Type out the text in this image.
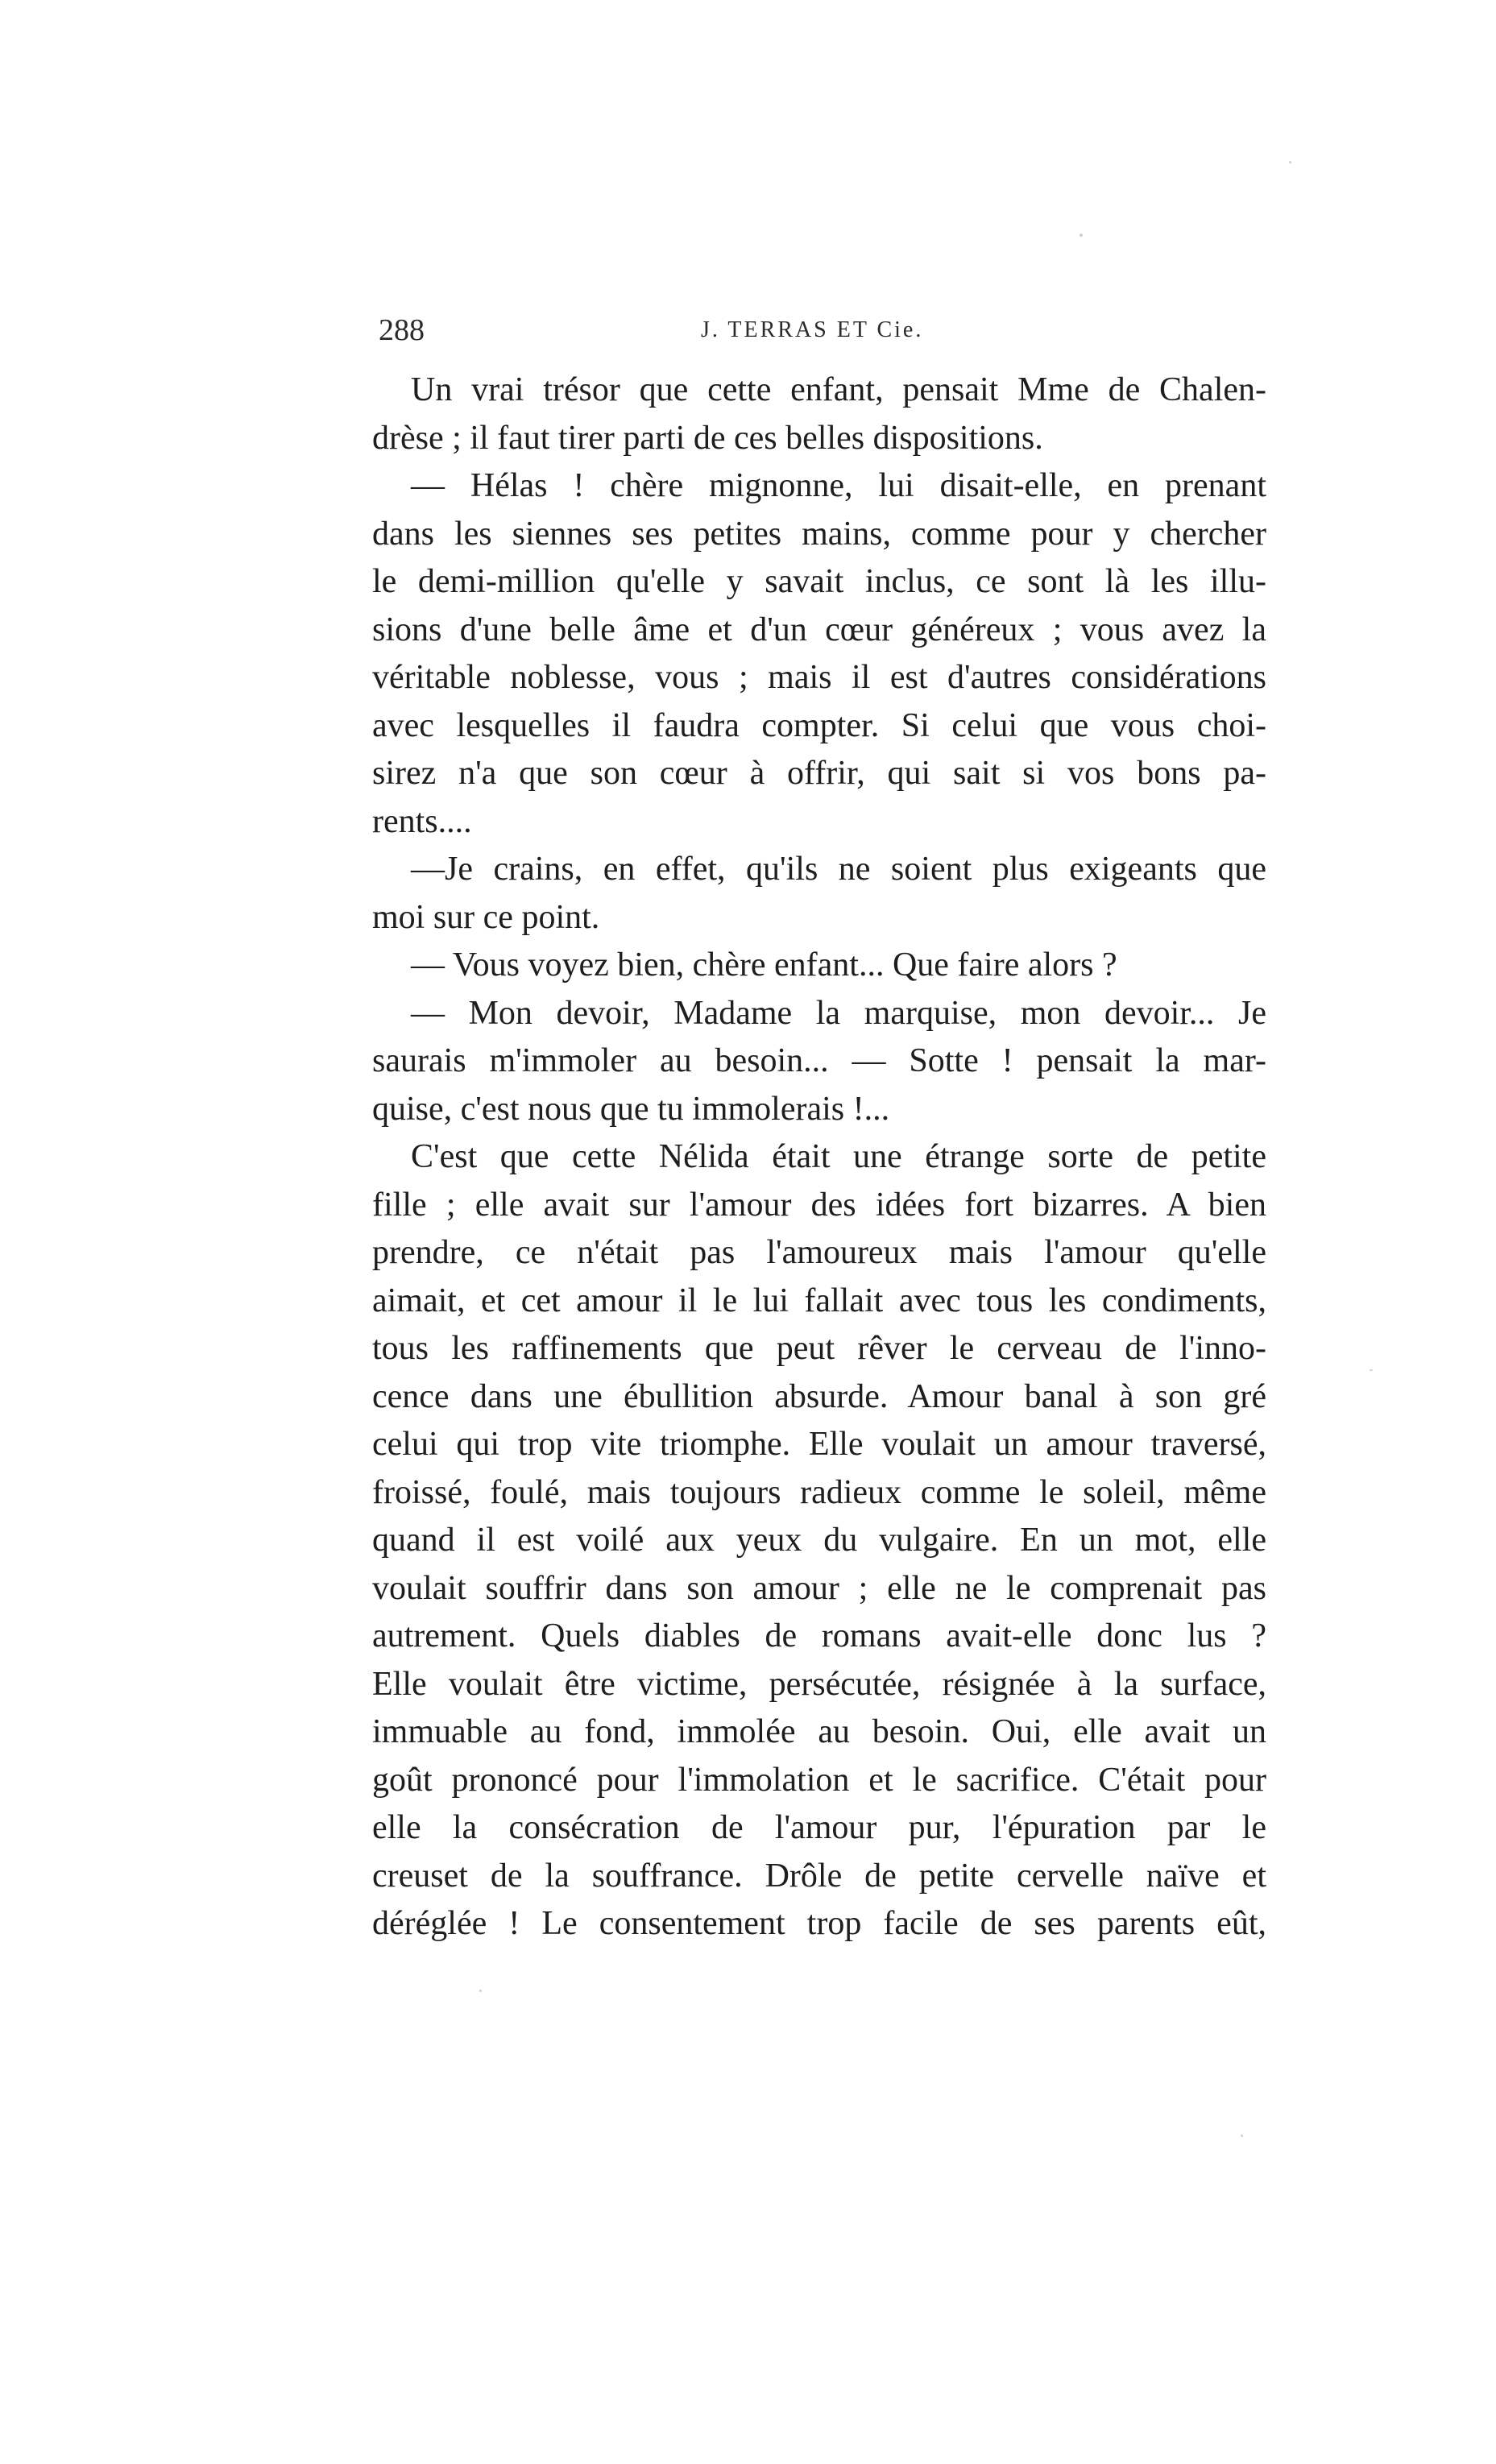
288	J. TERRAS ET Cie.
Un vrai trésor que cette enfant, pensait Mme de Chalen-
drèse ; il faut tirer parti de ces belles dispositions.
— Hélas ! chère mignonne, lui disait-elle, en prenant
dans les siennes ses petites mains, comme pour y chercher
le demi-million qu'elle y savait inclus, ce sont là les illu-
sions d'une belle âme et d'un cœur généreux ; vous avez la
véritable noblesse, vous ; mais il est d'autres considérations
avec lesquelles il faudra compter. Si celui que vous choi-
sirez n'a que son cœur à offrir, qui sait si vos bons pa-
rents....
—Je crains, en effet, qu'ils ne soient plus exigeants que
moi sur ce point.
— Vous voyez bien, chère enfant... Que faire alors ?
— Mon devoir, Madame la marquise, mon devoir... Je
saurais m'immoler au besoin... — Sotte ! pensait la mar-
quise, c'est nous que tu immolerais !...
C'est que cette Nélida était une étrange sorte de petite
fille ; elle avait sur l'amour des idées fort bizarres. A bien
prendre, ce n'était pas l'amoureux mais l'amour qu'elle
aimait, et cet amour il le lui fallait avec tous les condiments,
tous les raffinements que peut rêver le cerveau de l'inno-
cence dans une ébullition absurde. Amour banal à son gré
celui qui trop vite triomphe. Elle voulait un amour traversé,
froissé, foulé, mais toujours radieux comme le soleil, même
quand il est voilé aux yeux du vulgaire. En un mot, elle
voulait souffrir dans son amour ; elle ne le comprenait pas
autrement. Quels diables de romans avait-elle donc lus ?
Elle voulait être victime, persécutée, résignée à la surface,
immuable au fond, immolée au besoin. Oui, elle avait un
goût prononcé pour l'immolation et le sacrifice. C'était pour
elle la consécration de l'amour pur, l'épuration par le
creuset de la souffrance. Drôle de petite cervelle naïve et
déréglée ! Le consentement trop facile de ses parents eût,
